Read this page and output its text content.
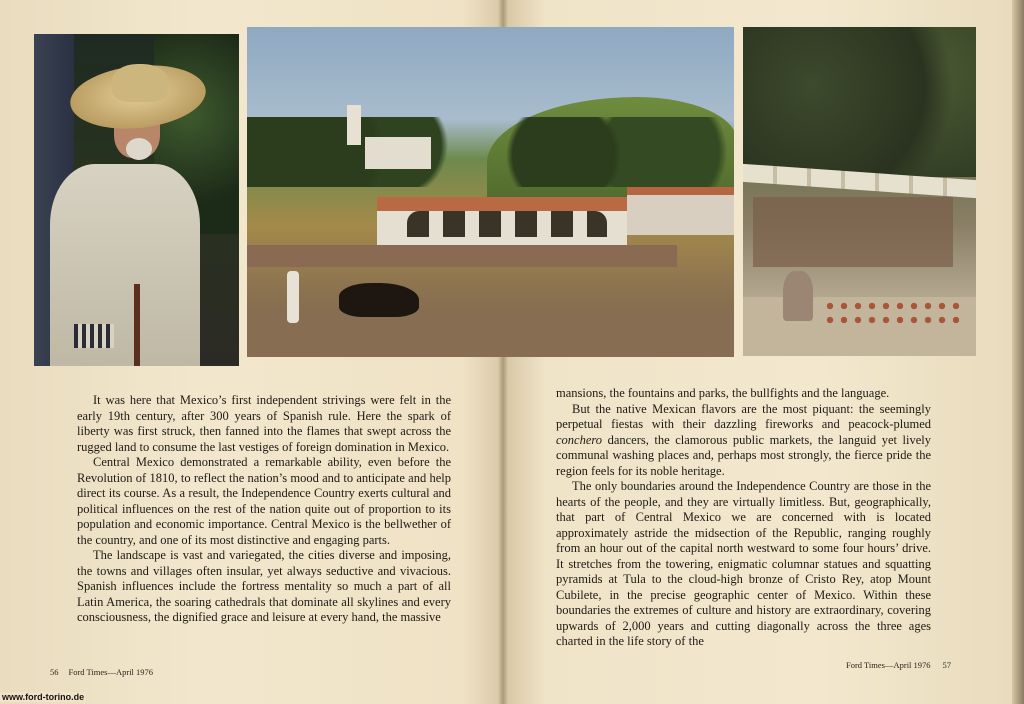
It was here that Mexico’s first independent strivings were felt in the early 19th century, after 300 years of Spanish rule. Here the spark of liberty was first struck, then fanned into the flames that swept across the rugged land to consume the last vestiges of foreign domination in Mexico.

Central Mexico demonstrated a remarkable ability, even before the Revolution of 1810, to reflect the nation’s mood and to anticipate and help direct its course. As a result, the Independence Country exerts cultural and political influences on the rest of the nation quite out of proportion to its population and economic importance. Central Mexico is the bellwether of the country, and one of its most distinctive and engaging parts.

The landscape is vast and variegated, the cities diverse and imposing, the towns and villages often insular, yet always seductive and vivacious. Spanish influences include the fortress mentality so much a part of all Latin America, the soaring cathedrals that dominate all skylines and every consciousness, the dignified grace and leisure at every hand, the massive

mansions, the fountains and parks, the bullfights and the language.

But the native Mexican flavors are the most piquant: the seemingly perpetual fiestas with their dazzling fireworks and peacock-plumed conchero dancers, the clamorous public markets, the languid yet lively communal washing places and, perhaps most strongly, the fierce pride the region feels for its noble heritage.

The only boundaries around the Independence Country are those in the hearts of the people, and they are virtually limitless. But, geographically, that part of Central Mexico we are concerned with is located approximately astride the midsection of the Republic, ranging roughly from an hour out of the capital north westward to some four hours’ drive. It stretches from the towering, enigmatic columnar statues and squatting pyramids at Tula to the cloud-high bronze of Cristo Rey, atop Mount Cubilete, in the precise geographic center of Mexico. Within these boundaries the extremes of culture and history are extraordinary, covering upwards of 2,000 years and cutting diagonally across the three ages charted in the life story of the

56 Ford Times—April 1976
Ford Times—April 1976 57
www.ford-torino.de
